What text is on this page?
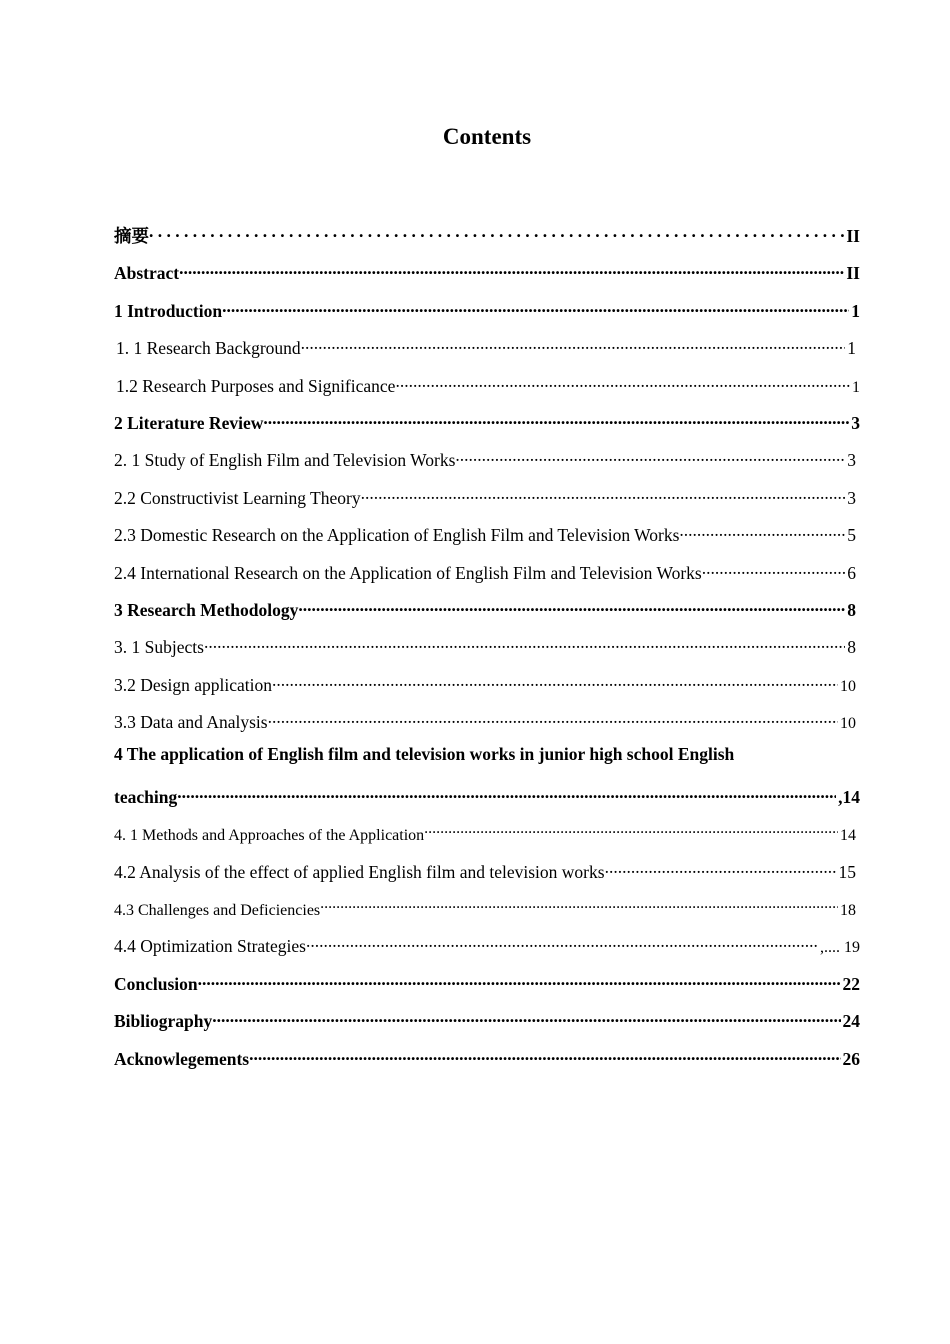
Contents
摘要 . . .	II
Abstract .....	II
1 Introduction .....	1
1. 1 Research Background .....	1
1.2 Research Purposes and Significance .....	1
2 Literature Review .....	3
2. 1 Study of English Film and Television Works .....	3
2.2 Constructivist Learning Theory .....	3
2.3 Domestic Research on the Application of English Film and Television Works .....	5
2.4 International Research on the Application of English Film and Television Works .....	6
3 Research Methodology .....	8
3. 1 Subjects .....	8
3.2 Design application .....	10
3.3 Data and Analysis .....	10
4 The application of English film and television works in junior high school English
teaching .....	,14
4. 1 Methods and Approaches of the Application .....	14
4.2 Analysis of the effect of applied English film and television works .....	15
4.3 Challenges and Deficiencies .....	18
4.4 Optimization Strategies .....	,.... 19
Conclusion .....	22
Bibliography .....	24
Acknowlegements .....	26
